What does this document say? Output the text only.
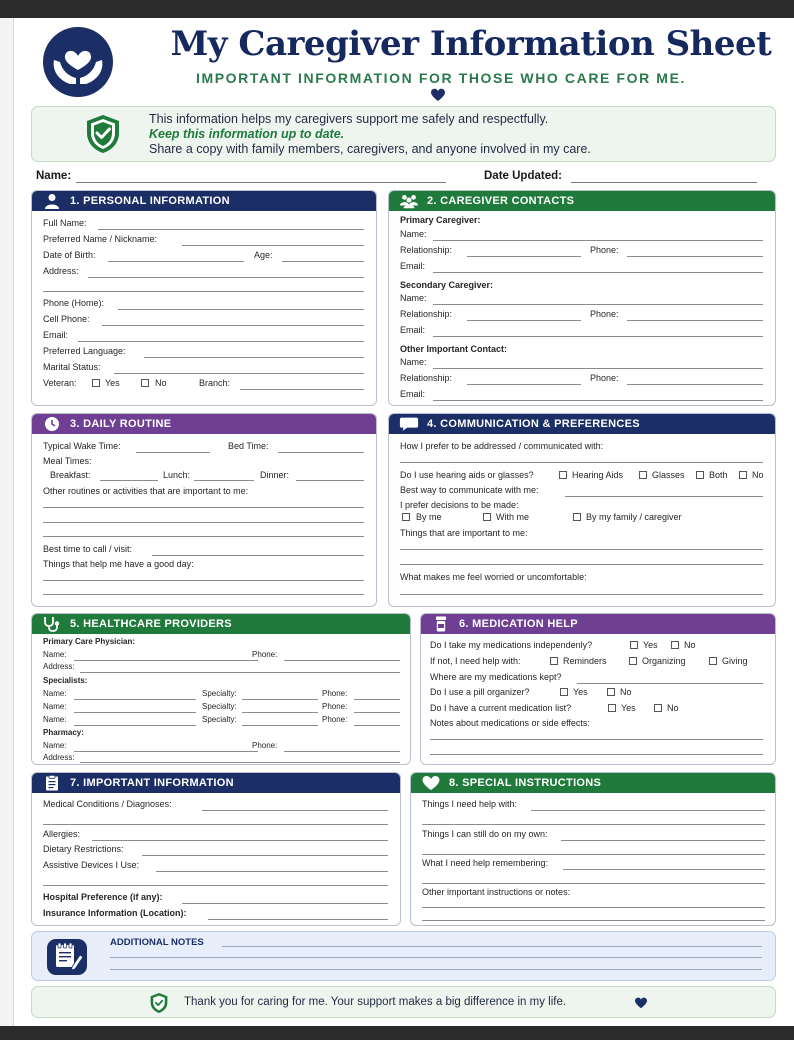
My Caregiver Information Sheet
IMPORTANT INFORMATION FOR THOSE WHO CARE FOR ME.
This information helps my caregivers support me safely and respectfully.
Keep this information up to date.
Share a copy with family members, caregivers, and anyone involved in my care.
Name:	Date Updated:
1. PERSONAL INFORMATION
Full Name:
Preferred Name / Nickname:
Date of Birth:	Age:
Address:
Phone (Home):
Cell Phone:
Email:
Preferred Language:
Marital Status:
Veteran:	Yes	No	Branch:
2. CAREGIVER CONTACTS
Primary Caregiver:
Name:
Relationship:	Phone:
Email:
Secondary Caregiver:
Name:
Relationship:	Phone:
Email:
Other Important Contact:
Name:
Relationship:	Phone:
Email:
3. DAILY ROUTINE
Typical Wake Time:	Bed Time:
Meal Times:
Breakfast:	Lunch:	Dinner:
Other routines or activities that are important to me:
Best time to call / visit:
Things that help me have a good day:
4. COMMUNICATION & PREFERENCES
How I prefer to be addressed / communicated with:
Do I use hearing aids or glasses?	Hearing Aids	Glasses	Both	No
Best way to communicate with me:
I prefer decisions to be made:
By me	With me	By my family / caregiver
Things that are important to me:
What makes me feel worried or uncomfortable:
5. HEALTHCARE PROVIDERS
Primary Care Physician:
Name:	Phone:
Address:
Specialists:
Name:	Specialty:	Phone:
Name:	Specialty:	Phone:
Name:	Specialty:	Phone:
Pharmacy:
Name:	Phone:
Address:
6. MEDICATION HELP
Do I take my medications independenly?	Yes	No
If not, I need help with:	Reminders	Organizing	Giving
Where are my medications kept?
Do I use a pill organizer?	Yes	No
Do I have a current medication list?	Yes	No
Notes about medications or side effects:
7. IMPORTANT INFORMATION
Medical Conditions / Diagnoses:
Allergies:
Dietary Restrictions:
Assistive Devices I Use:
Hospital Preference (if any):
Insurance Information (Location):
8. SPECIAL INSTRUCTIONS
Things I need help with:
Things I can still do on my own:
What I need help remembering:
Other important instructions or notes:
ADDITIONAL NOTES
Thank you for caring for me. Your support makes a big difference in my life.
